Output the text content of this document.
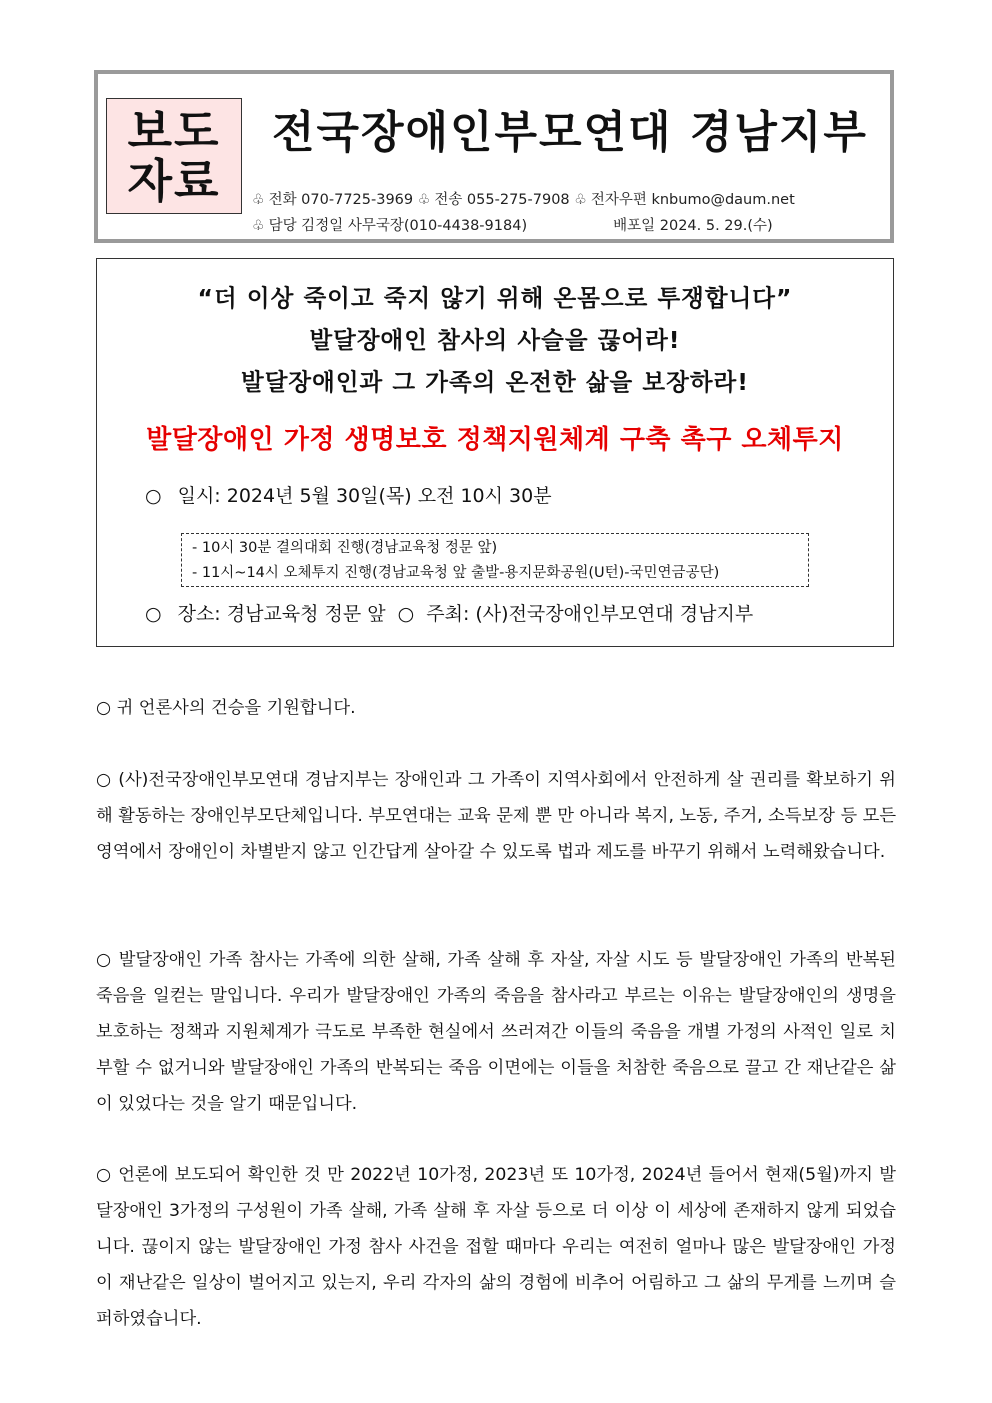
보도
자료
전국장애인부모연대 경남지부
♧ 전화 070-7725-3969 ♧ 전송 055-275-7908 ♧ 전자우편 knbumo@daum.net
♧ 담당 김정일 사무국장(010-4438-9184)	배포일 2024. 5. 29.(수)
“더 이상 죽이고 죽지 않기 위해 온몸으로 투쟁합니다”
발달장애인 참사의 사슬을 끊어라!
발달장애인과 그 가족의 온전한 삶을 보장하라!
발달장애인 가정 생명보호 정책지원체계 구축 촉구 오체투지
○ 일시: 2024년 5월 30일(목) 오전 10시 30분
- 10시 30분 결의대회 진행(경남교육청 정문 앞)
- 11시~14시 오체투지 진행(경남교육청 앞 출발-용지문화공원(U턴)-국민연금공단)
○ 장소: 경남교육청 정문 앞 ○ 주최: (사)전국장애인부모연대 경남지부
○ 귀 언론사의 건승을 기원합니다.
○ (사)전국장애인부모연대 경남지부는 장애인과 그 가족이 지역사회에서 안전하게 살 권리를 확보하기 위해 활동하는 장애인부모단체입니다. 부모연대는 교육 문제 뿐 만 아니라 복지, 노동, 주거, 소득보장 등 모든 영역에서 장애인이 차별받지 않고 인간답게 살아갈 수 있도록 법과 제도를 바꾸기 위해서 노력해왔습니다.
○ 발달장애인 가족 참사는 가족에 의한 살해, 가족 살해 후 자살, 자살 시도 등 발달장애인 가족의 반복된 죽음을 일컫는 말입니다. 우리가 발달장애인 가족의 죽음을 참사라고 부르는 이유는 발달장애인의 생명을 보호하는 정책과 지원체계가 극도로 부족한 현실에서 쓰러져간 이들의 죽음을 개별 가정의 사적인 일로 치부할 수 없거니와 발달장애인 가족의 반복되는 죽음 이면에는 이들을 처참한 죽음으로 끌고 간 재난같은 삶이 있었다는 것을 알기 때문입니다.
○ 언론에 보도되어 확인한 것 만 2022년 10가정, 2023년 또 10가정, 2024년 들어서 현재(5월)까지 발달장애인 3가정의 구성원이 가족 살해, 가족 살해 후 자살 등으로 더 이상 이 세상에 존재하지 않게 되었습니다. 끊이지 않는 발달장애인 가정 참사 사건을 접할 때마다 우리는 여전히 얼마나 많은 발달장애인 가정이 재난같은 일상이 벌어지고 있는지, 우리 각자의 삶의 경험에 비추어 어림하고 그 삶의 무게를 느끼며 슬퍼하였습니다.
